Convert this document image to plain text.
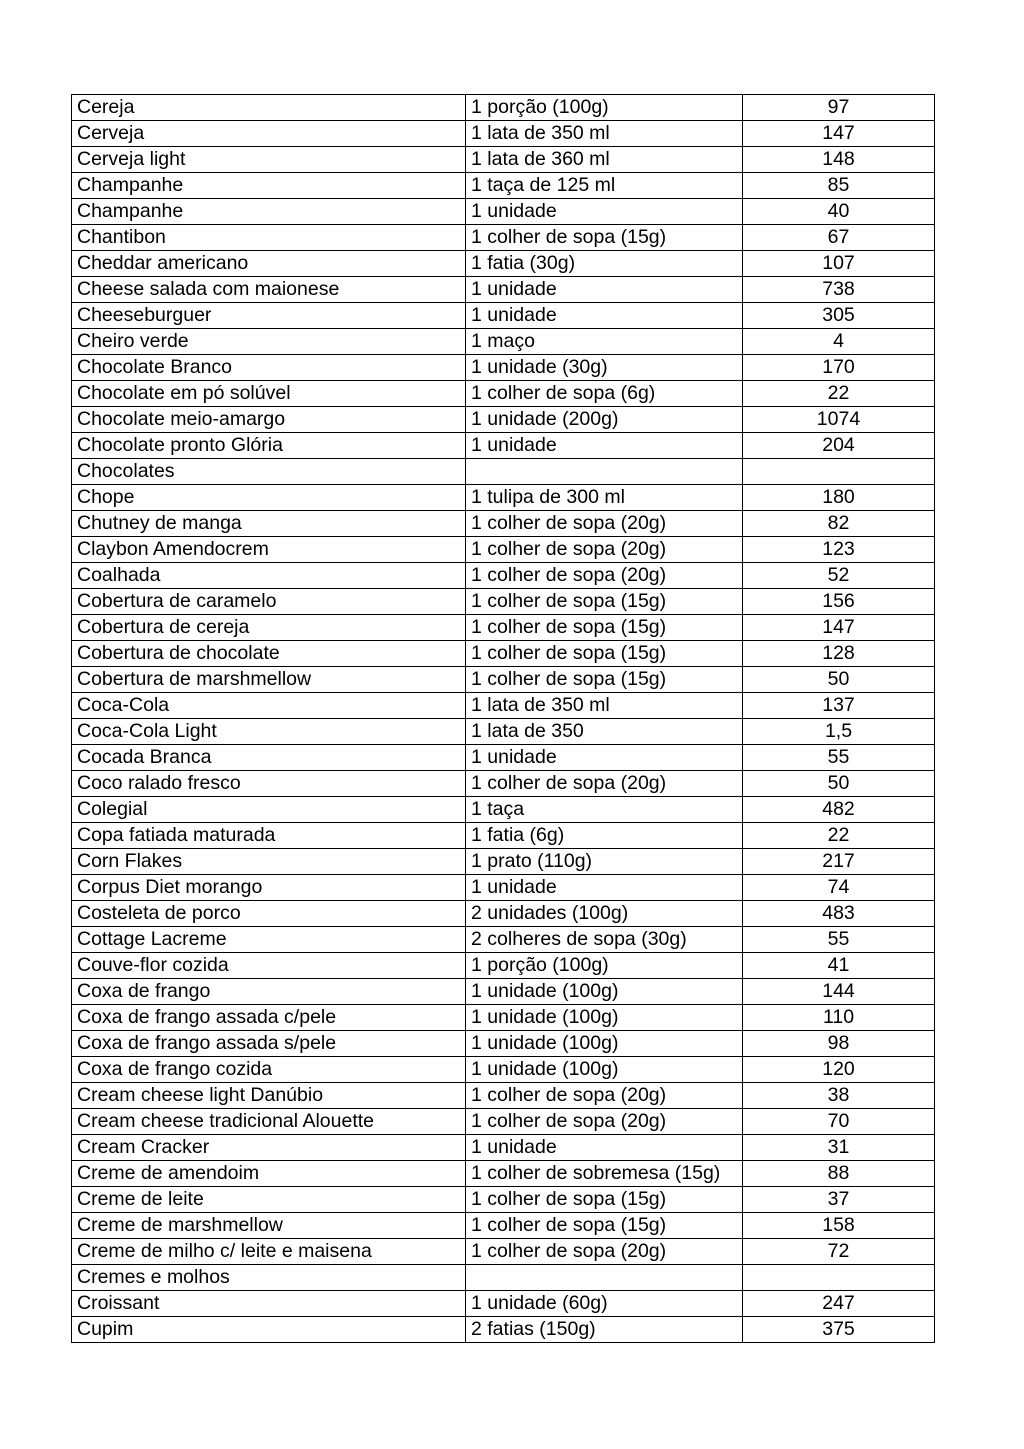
Cereja	1 porção (100g)	97
Cerveja	1 lata de 350 ml	147
Cerveja light	1 lata de 360 ml	148
Champanhe	1 taça de 125 ml	85
Champanhe	1 unidade	40
Chantibon	1 colher de sopa (15g)	67
Cheddar americano	1 fatia (30g)	107
Cheese salada com maionese	1 unidade	738
Cheeseburguer	1 unidade	305
Cheiro verde	1 maço	4
Chocolate Branco	1 unidade (30g)	170
Chocolate em pó solúvel	1 colher de sopa (6g)	22
Chocolate meio-amargo	1 unidade (200g)	1074
Chocolate pronto Glória	1 unidade	204
Chocolates		
Chope	1 tulipa de 300 ml	180
Chutney de manga	1 colher de sopa (20g)	82
Claybon Amendocrem	1 colher de sopa (20g)	123
Coalhada	1 colher de sopa (20g)	52
Cobertura de caramelo	1 colher de sopa (15g)	156
Cobertura de cereja	1 colher de sopa (15g)	147
Cobertura de chocolate	1 colher de sopa (15g)	128
Cobertura de marshmellow	1 colher de sopa (15g)	50
Coca-Cola	1 lata de 350 ml	137
Coca-Cola Light	1 lata de 350	1,5
Cocada Branca	1 unidade	55
Coco ralado fresco	1 colher de sopa (20g)	50
Colegial	1 taça	482
Copa fatiada maturada	1 fatia (6g)	22
Corn Flakes	1 prato (110g)	217
Corpus Diet morango	1 unidade	74
Costeleta de porco	2 unidades (100g)	483
Cottage Lacreme	2 colheres de sopa (30g)	55
Couve-flor cozida	1 porção (100g)	41
Coxa de frango	1 unidade (100g)	144
Coxa de frango assada c/pele	1 unidade (100g)	110
Coxa de frango assada s/pele	1 unidade (100g)	98
Coxa de frango cozida	1 unidade (100g)	120
Cream cheese light Danúbio	1 colher de sopa (20g)	38
Cream cheese tradicional Alouette	1 colher de sopa (20g)	70
Cream Cracker	1 unidade	31
Creme de amendoim	1 colher de sobremesa (15g)	88
Creme de leite	1 colher de sopa (15g)	37
Creme de marshmellow	1 colher de sopa (15g)	158
Creme de milho c/ leite e maisena	1 colher de sopa (20g)	72
Cremes e molhos		
Croissant	1 unidade (60g)	247
Cupim	2 fatias (150g)	375
